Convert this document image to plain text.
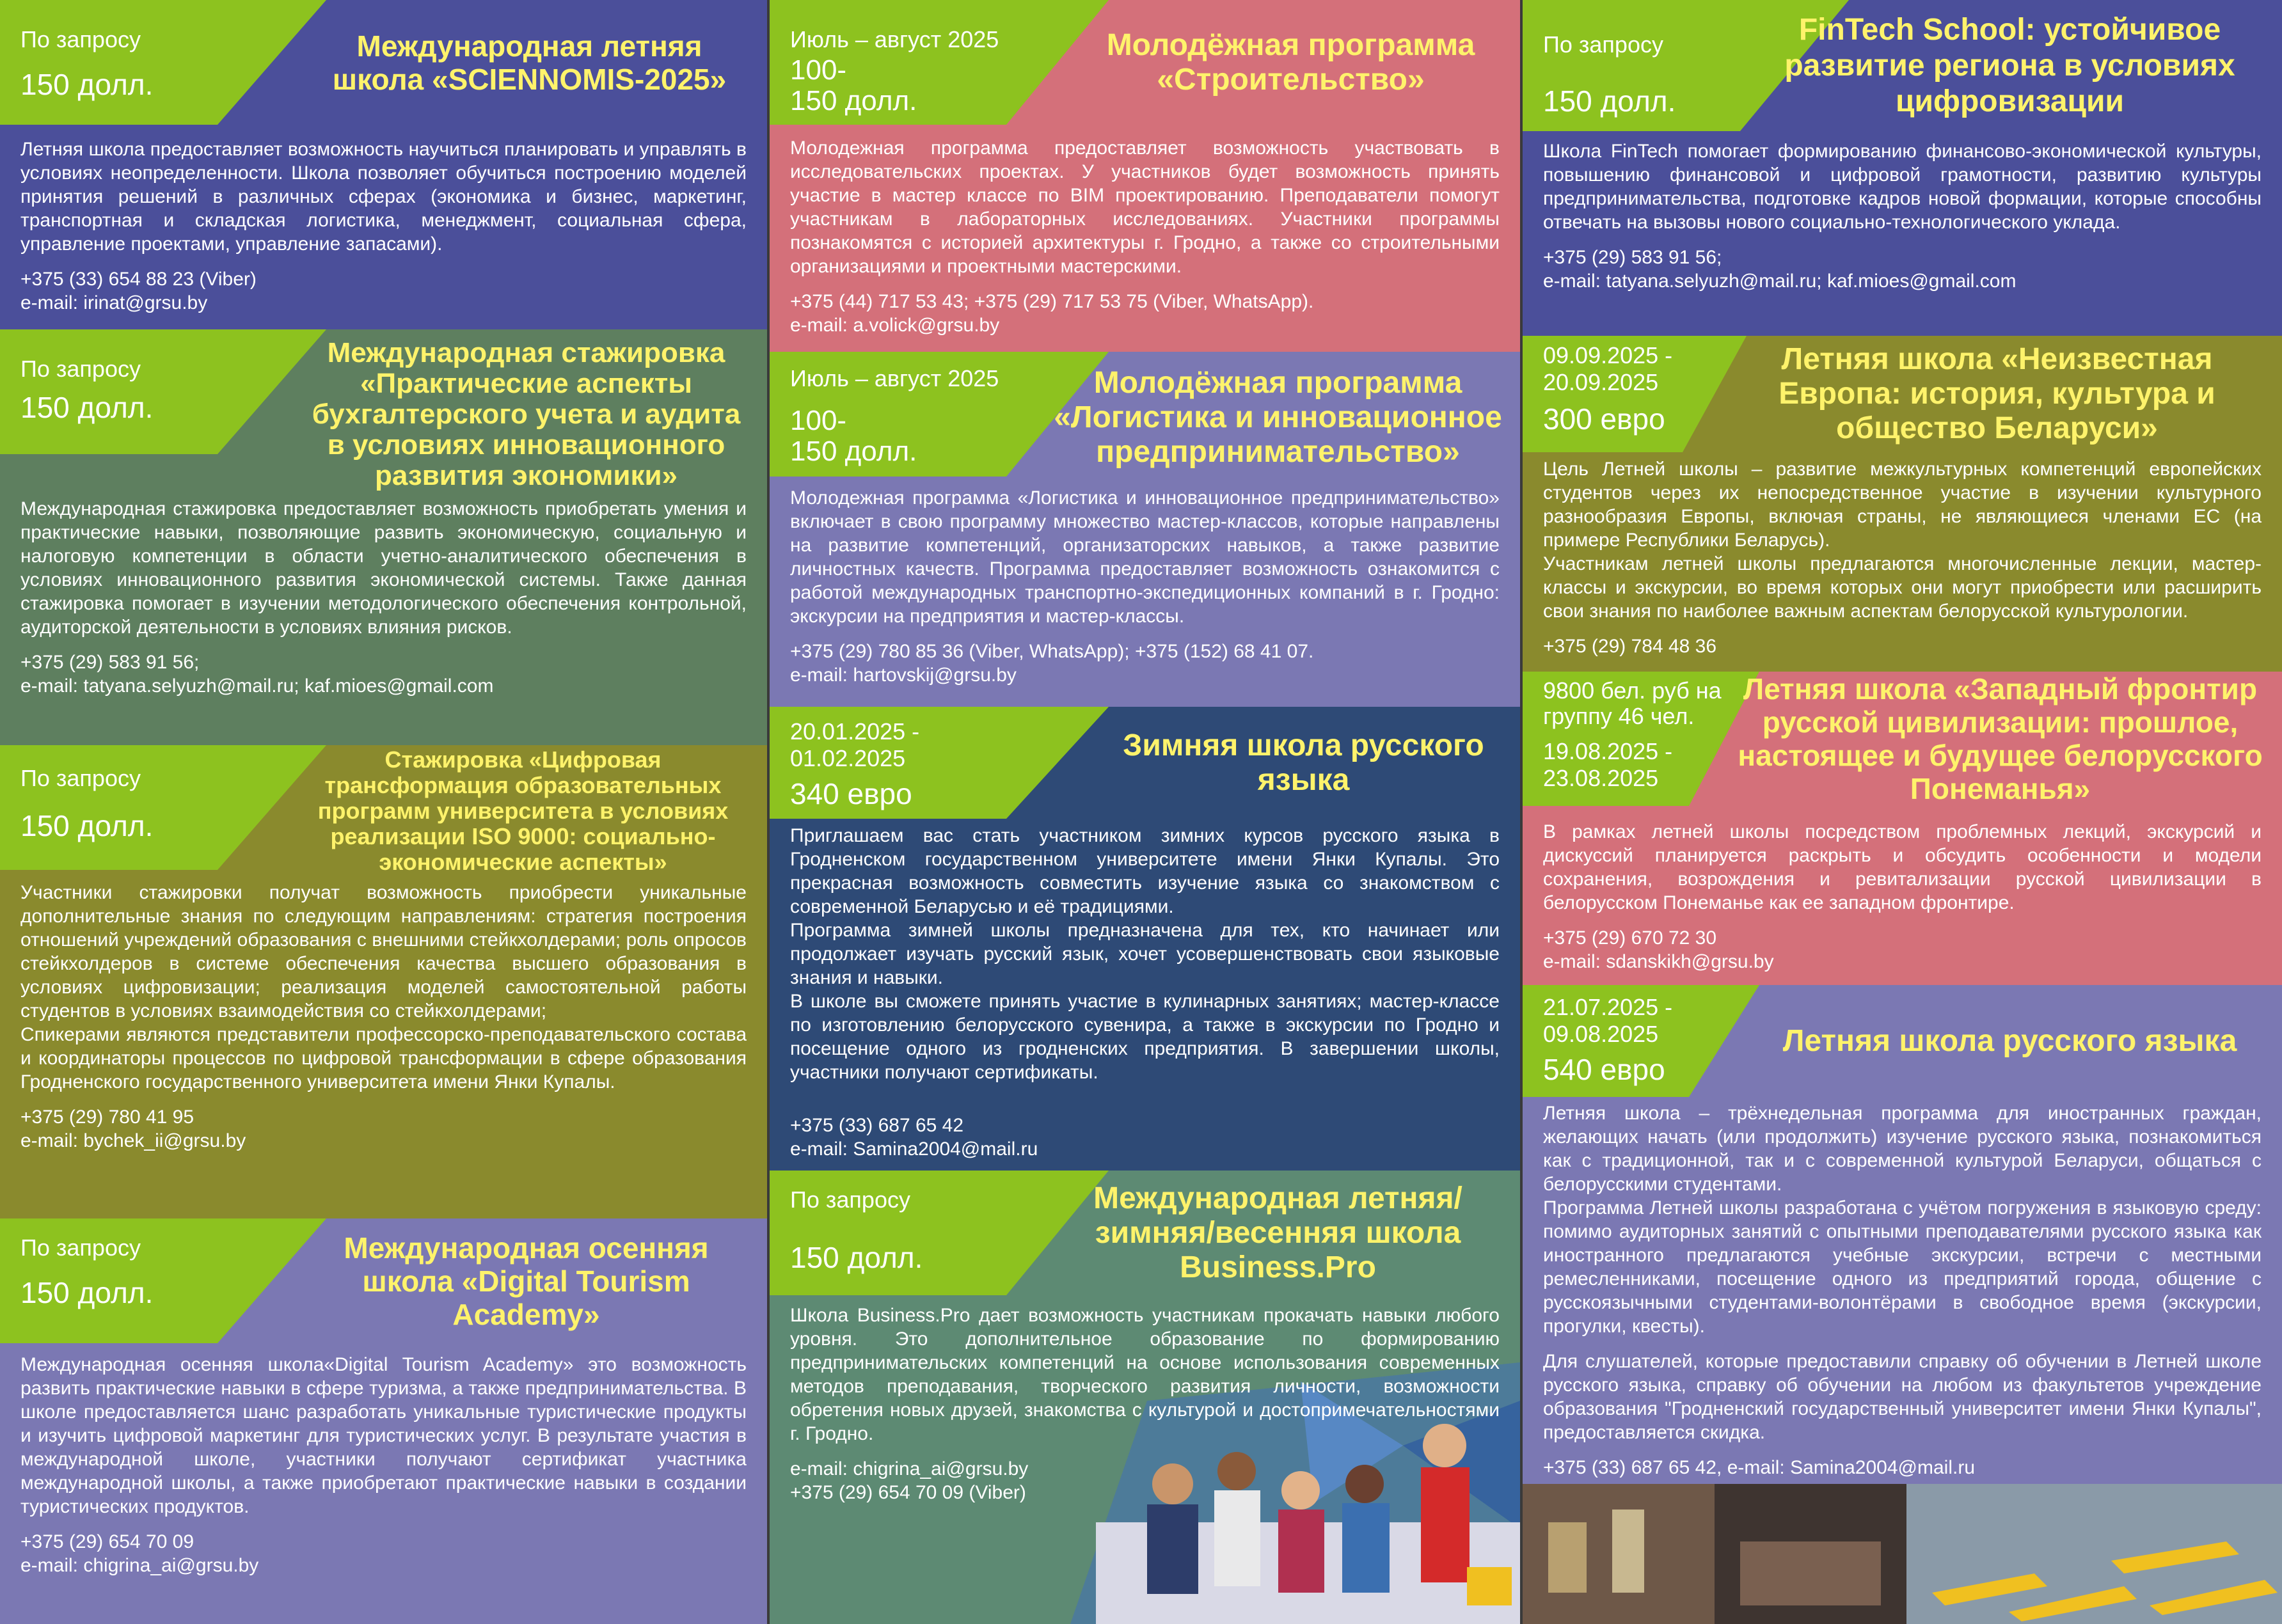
По запросу
150 долл.
Международная летняя школа «SCIENNOMIS-2025»

Летняя школа предоставляет возможность научиться планировать и управлять в условиях неопределенности. Школа позволяет обучиться построению моделей принятия решений в различных сферах (экономика и бизнес, маркетинг, транспортная и складская логистика, менеджмент, социальная сфера, управление проектами, управление запасами).

+375 (33) 654 88 23 (Viber)
e-mail: irinat@grsu.by
По запросу
150 долл.
Международная стажировка «Практические аспекты бухгалтерского учета и аудита в условиях инновационного развития экономики»

Международная стажировка предоставляет возможность приобретать умения и практические навыки, позволяющие развить экономическую, социальную и налоговую компетенции в области учетно-аналитического обеспечения в условиях инновационного развития экономической системы. Также данная стажировка помогает в изучении методологического обеспечения контрольной, аудиторской деятельности в условиях влияния рисков.

+375 (29) 583 91 56;
e-mail: tatyana.selyuzh@mail.ru; kaf.mioes@gmail.com
По запросу
150 долл.
Стажировка «Цифровая трансформация образовательных программ университета в условиях реализации ISO 9000: социально-экономические аспекты»

Участники стажировки получат возможность приобрести уникальные дополнительные знания по следующим направлениям: стратегия построения отношений учреждений образования с внешними стейкхолдерами; роль опросов стейкхолдеров в системе обеспечения качества высшего образования в условиях цифровизации; реализация моделей самостоятельной работы студентов в условиях взаимодействия со стейкхолдерами;

Спикерами являются представители профессорско-преподавательского состава и координаторы процессов по цифровой трансформации в сфере образования Гродненского государственного университета имени Янки Купалы.

+375 (29) 780 41 95
e-mail: bychek_ii@grsu.by
По запросу
150 долл.
Международная осенняя школа «Digital Tourism Academy»

Международная осенняя школа«Digital Tourism Academy» это возможность развить практические навыки в сфере туризма, а также предпринимательства. В школе предоставляется шанс разработать уникальные туристические продукты и изучить цифровой маркетинг для туристических услуг. В результате участия в международной школе, участники получают сертификат участника международной школы, а также приобретают практические навыки в создании туристических продуктов.

+375 (29) 654 70 09
e-mail: chigrina_ai@grsu.by
Июль – август 2025
100-
150 долл.
Молодёжная программа «Строительство»

Молодежная программа предоставляет возможность участвовать в исследовательских проектах. У участников будет возможность принять участие в мастер классе по BIM проектированию. Преподаватели помогут участникам в лабораторных исследованиях. Участники программы познакомятся с историей архитектуры г. Гродно, а также со строительными организациями и проектными мастерскими.

+375 (44) 717 53 43; +375 (29) 717 53 75 (Viber, WhatsApp).
e-mail: a.volick@grsu.by
Июль – август 2025
100-
150 долл.
Молодёжная программа «Логистика и инновационное предпринимательство»

Молодежная программа «Логистика и инновационное предпринимательство» включает в свою программу множество мастер-классов, которые направлены на развитие компетенций, организаторских навыков, а также развитие личностных качеств. Программа предоставляет возможность ознакомится с работой международных транспортно-экспедиционных компаний в г. Гродно: экскурсии на предприятия и мастер-классы.

+375 (29) 780 85 36 (Viber, WhatsApp); +375 (152) 68 41 07.
e-mail: hartovskij@grsu.by
20.01.2025 -
01.02.2025
340 евро
Зимняя школа русского языка

Приглашаем вас стать участником зимних курсов русского языка в Гродненском государственном университете имени Янки Купалы. Это прекрасная возможность совместить изучение языка со знакомством с современной Беларусью и её традициями.

Программа зимней школы предназначена для тех, кто начинает или продолжает изучать русский язык, хочет усовершенствовать свои языковые знания и навыки.

В школе вы сможете принять участие в кулинарных занятиях; мастер-классе по изготовлению белорусского сувенира, а также в экскурсии по Гродно и посещение одного из гродненских предприятия. В завершении школы, участники получают сертификаты.

+375 (33) 687 65 42
e-mail: Samina2004@mail.ru
По запросу
150 долл.
Международная летняя/зимняя/весенняя школа Business.Pro

Школа Business.Pro дает возможность участникам прокачать навыки любого уровня. Это дополнительное образование по формированию предпринимательских компетенций на основе использования современных методов преподавания, творческого развития личности, возможности обретения новых друзей, знакомства с культурой и достопримечательностями г. Гродно.

e-mail: chigrina_ai@grsu.by
+375 (29) 654 70 09 (Viber)
По запросу
150 долл.
FinTech School: устойчивое развитие региона в условиях цифровизации

Школа FinTech помогает формированию финансово-экономической культуры, повышению финансовой и цифровой грамотности, развитию культуры предпринимательства, подготовке кадров новой формации, которые способны отвечать на вызовы нового социально-технологического уклада.

+375 (29) 583 91 56;
e-mail: tatyana.selyuzh@mail.ru; kaf.mioes@gmail.com
09.09.2025 -
20.09.2025
300 евро
Летняя школа «Неизвестная Европа: история, культура и общество Беларуси»

Цель Летней школы – развитие межкультурных компетенций европейских студентов через их непосредственное участие в изучении культурного разнообразия Европы, включая страны, не являющиеся членами ЕС (на примере Республики Беларусь).

Участникам летней школы предлагаются многочисленные лекции, мастер-классы и экскурсии, во время которых они могут приобрести или расширить свои знания по наиболее важным аспектам белорусской культурологии.

+375 (29) 784 48 36
9800 бел. руб на группу 46 чел.
19.08.2025 -
23.08.2025
Летняя школа «Западный фронтир русской цивилизации: прошлое, настоящее и будущее белорусского Понеманья»

В рамках летней школы посредством проблемных лекций, экскурсий и дискуссий планируется раскрыть и обсудить особенности и модели сохранения, возрождения и ревитализации русской цивилизации в белорусском Понеманье как ее западном фронтире.

+375 (29) 670 72 30
e-mail: sdanskikh@grsu.by
21.07.2025 -
09.08.2025
540 евро
Летняя школа русского языка

Летняя школа – трёхнедельная программа для иностранных граждан, желающих начать (или продолжить) изучение русского языка, познакомиться как с традиционной, так и с современной культурой Беларуси, общаться с белорусскими студентами.

Программа Летней школы разработана с учётом погружения в языковую среду: помимо аудиторных занятий с опытными преподавателями русского языка как иностранного предлагаются учебные экскурсии, встречи с местными ремесленниками, посещение одного из предприятий города, общение с русскоязычными студентами-волонтёрами в свободное время (экскурсии, прогулки, квесты).

Для слушателей, которые предоставили справку об обучении в Летней школе русского языка, справку об обучении на любом из факультетов учреждение образования "Гродненский государственный университет имени Янки Купалы", предоставляется скидка.

+375 (33) 687 65 42, e-mail: Samina2004@mail.ru
